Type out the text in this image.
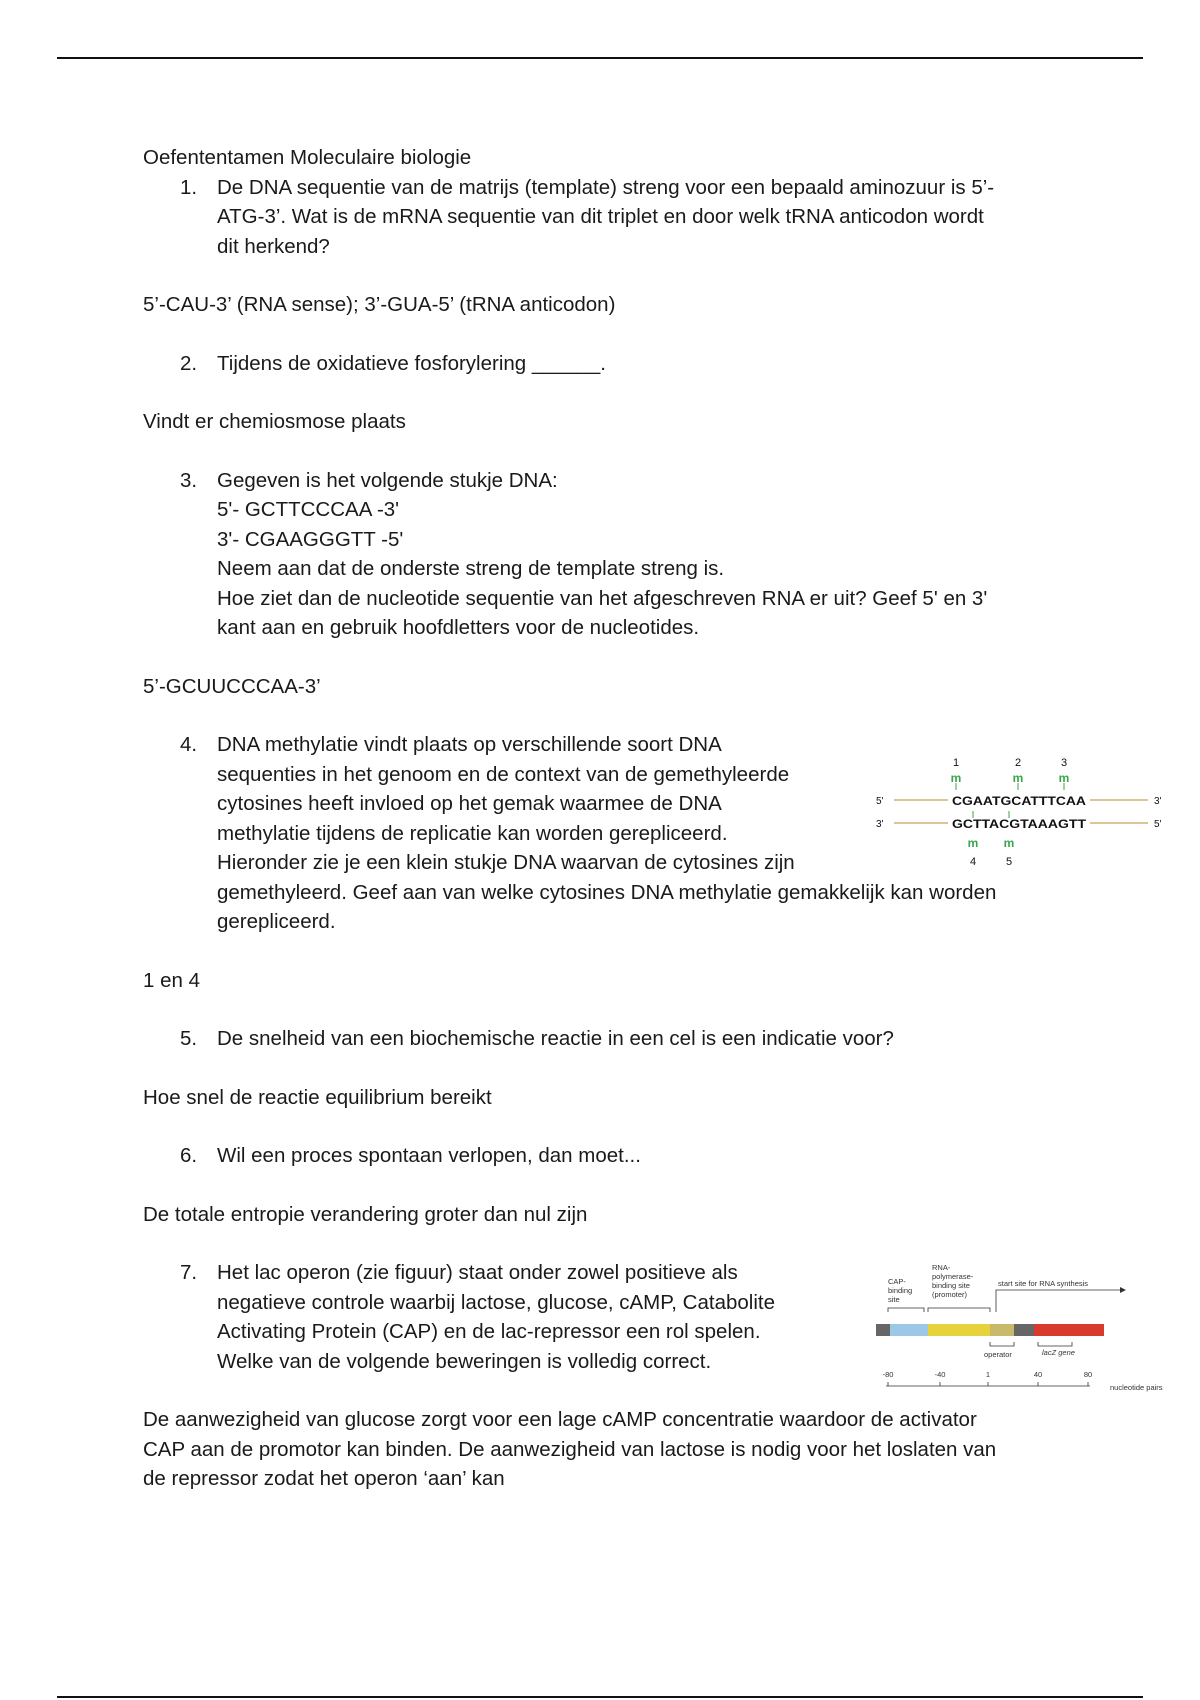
Oefententamen Moleculaire biologie

1. De DNA sequentie van de matrijs (template) streng voor een bepaald aminozuur is 5’-
ATG-3’. Wat is de mRNA sequentie van dit triplet en door welk tRNA anticodon wordt
dit herkend?

5’-CAU-3’ (RNA sense); 3’-GUA-5’ (tRNA anticodon)

2. Tijdens de oxidatieve fosforylering ______.

Vindt er chemiosmose plaats

3. Gegeven is het volgende stukje DNA:
5'- GCTTCCCAA -3'
3'- CGAAGGGTT -5'
Neem aan dat de onderste streng de template streng is.
Hoe ziet dan de nucleotide sequentie van het afgeschreven RNA er uit? Geef 5' en 3'
kant aan en gebruik hoofdletters voor de nucleotides.

5’-GCUUCCCAA-3’

4. DNA methylatie vindt plaats op verschillende soort DNA
sequenties in het genoom en de context van de gemethyleerde
cytosines heeft invloed op het gemak waarmee de DNA
methylatie tijdens de replicatie kan worden gerepliceerd.
Hieronder zie je een klein stukje DNA waarvan de cytosines zijn
gemethyleerd. Geef aan van welke cytosines DNA methylatie gemakkelijk kan worden
gerepliceerd.

1 en 4

5. De snelheid van een biochemische reactie in een cel is een indicatie voor?

Hoe snel de reactie equilibrium bereikt

6. Wil een proces spontaan verlopen, dan moet...

De totale entropie verandering groter dan nul zijn

7. Het lac operon (zie figuur) staat onder zowel positieve als
negatieve controle waarbij lactose, glucose, cAMP, Catabolite
Activating Protein (CAP) en de lac-repressor een rol spelen.
Welke van de volgende beweringen is volledig correct.
De aanwezigheid van glucose zorgt voor een lage cAMP concentratie waardoor de activator
CAP aan de promotor kan binden. De aanwezigheid van lactose is nodig voor het loslaten van
de repressor zodat het operon ‘aan’ kan
1	2	3
m	m	m
5'	3'
3'	5'
CGAATGCATTTCAA
GCTTACGTAAAGTT
m m
4	5
CAP- binding site
RNA- polymerase- binding site (promoter)
start site for RNA synthesis
operator	lacZ gene
-80	-40	1	40	80
nucleotide pairs
